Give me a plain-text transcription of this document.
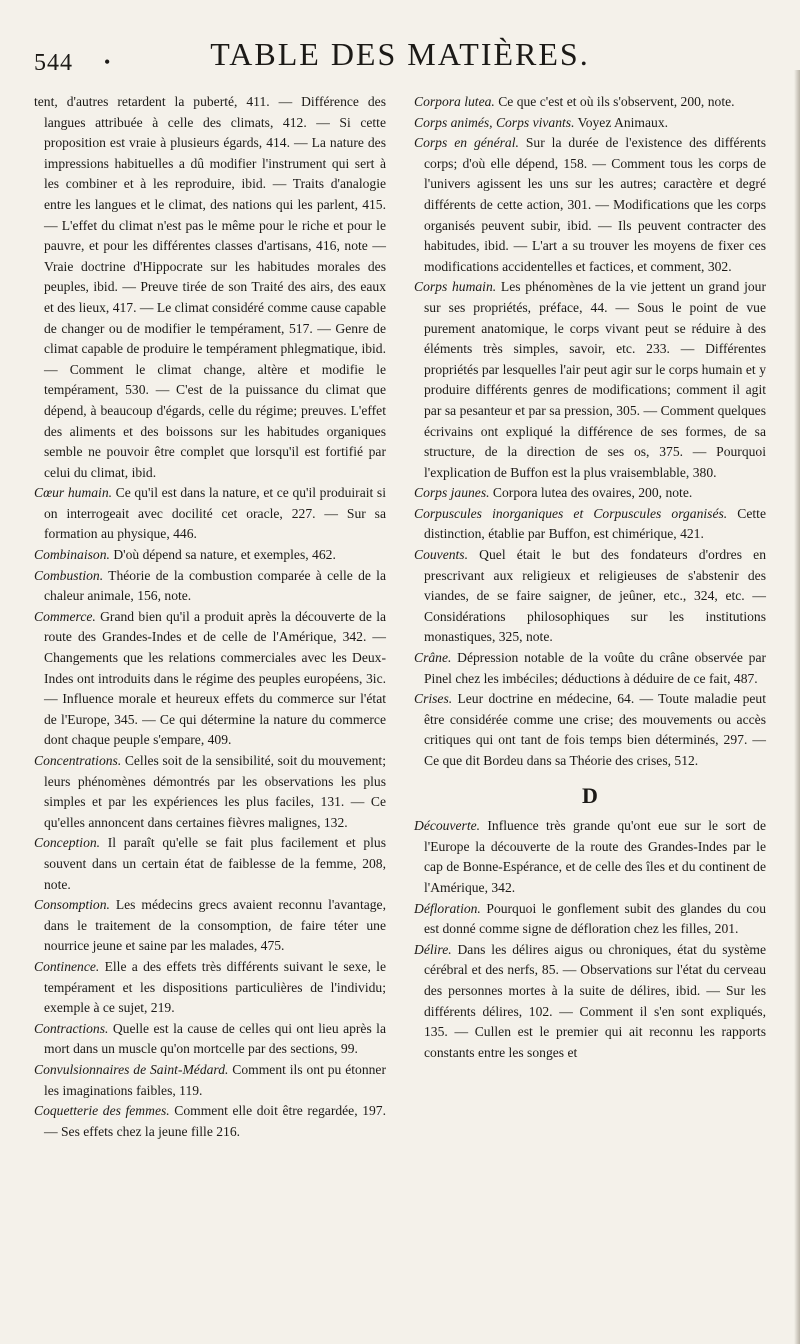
544 •	TABLE DES MATIÈRES.

tent, d'autres retardent la puberté, 411. — Différence des langues attribuée à celle des climats, 412. — Si cette proposition est vraie à plusieurs égards, 414. — La nature des impressions habituelles a dû modifier l'instrument qui sert à les combiner et à les reproduire, ibid. — Traits d'analogie entre les langues et le climat, des nations qui les parlent, 415. — L'effet du climat n'est pas le même pour le riche et pour le pauvre, et pour les différentes classes d'artisans, 416, note — Vraie doctrine d'Hippocrate sur les habitudes morales des peuples, ibid. — Preuve tirée de son Traité des airs, des eaux et des lieux, 417. — Le climat considéré comme cause capable de changer ou de modifier le tempérament, 517. — Genre de climat capable de produire le tempérament phlegmatique, ibid. — Comment le climat change, altère et modifie le tempérament, 530. — C'est de la puissance du climat que dépend, à beaucoup d'égards, celle du régime; preuves. L'effet des aliments et des boissons sur les habitudes organiques semble ne pouvoir être complet que lorsqu'il est fortifié par celui du climat, ibid.

Cœur humain. Ce qu'il est dans la nature, et ce qu'il produirait si on interrogeait avec docilité cet oracle, 227. — Sur sa formation au physique, 446.

Combinaison. D'où dépend sa nature, et exemples, 462.

Combustion. Théorie de la combustion comparée à celle de la chaleur animale, 156, note.

Commerce. Grand bien qu'il a produit après la découverte de la route des Grandes-Indes et de celle de l'Amérique, 342. — Changements que les relations commerciales avec les Deux-Indes ont introduits dans le régime des peuples européens, 3ic. — Influence morale et heureux effets du commerce sur l'état de l'Europe, 345. — Ce qui détermine la nature du commerce dont chaque peuple s'empare, 409.

Concentrations. Celles soit de la sensibilité, soit du mouvement; leurs phénomènes démontrés par les observations les plus simples et par les expériences les plus faciles, 131. — Ce qu'elles annoncent dans certaines fièvres malignes, 132.

Conception. Il paraît qu'elle se fait plus facilement et plus souvent dans un certain état de faiblesse de la femme, 208, note.

Consomption. Les médecins grecs avaient reconnu l'avantage, dans le traitement de la consomption, de faire téter une nourrice jeune et saine par les malades, 475.

Continence. Elle a des effets très différents suivant le sexe, le tempérament et les dispositions particulières de l'individu; exemple à ce sujet, 219.

Contractions. Quelle est la cause de celles qui ont lieu après la mort dans un muscle qu'on mortcelle par des sections, 99.

Convulsionnaires de Saint-Médard. Comment ils ont pu étonner les imaginations faibles, 119.

Coquetterie des femmes. Comment elle doit être regardée, 197. — Ses effets chez la jeune fille 216.

Corpora lutea. Ce que c'est et où ils s'observent, 200, note.

Corps animés, Corps vivants. Voyez Animaux.

Corps en général. Sur la durée de l'existence des différents corps; d'où elle dépend, 158. — Comment tous les corps de l'univers agissent les uns sur les autres; caractère et degré différents de cette action, 301. — Modifications que les corps organisés peuvent subir, ibid. — Ils peuvent contracter des habitudes, ibid. — L'art a su trouver les moyens de fixer ces modifications accidentelles et factices, et comment, 302.

Corps humain. Les phénomènes de la vie jettent un grand jour sur ses propriétés, préface, 44. — Sous le point de vue purement anatomique, le corps vivant peut se réduire à des éléments très simples, savoir, etc. 233. — Différentes propriétés par lesquelles l'air peut agir sur le corps humain et y produire différents genres de modifications; comment il agit par sa pesanteur et par sa pression, 305. — Comment quelques écrivains ont expliqué la différence de ses formes, de sa structure, de la direction de ses os, 375. — Pourquoi l'explication de Buffon est la plus vraisemblable, 380.

Corps jaunes. Corpora lutea des ovaires, 200, note.

Corpuscules inorganiques et Corpuscules organisés. Cette distinction, établie par Buffon, est chimérique, 421.

Couvents. Quel était le but des fondateurs d'ordres en prescrivant aux religieux et religieuses de s'abstenir des viandes, de se faire saigner, de jeûner, etc., 324, etc. — Considérations philosophiques sur les institutions monastiques, 325, note.

Crâne. Dépression notable de la voûte du crâne observée par Pinel chez les imbéciles; déductions à déduire de ce fait, 487.

Crises. Leur doctrine en médecine, 64. — Toute maladie peut être considérée comme une crise; des mouvements ou accès critiques qui ont tant de fois temps bien déterminés, 297. — Ce que dit Bordeu dans sa Théorie des crises, 512.

D

Découverte. Influence très grande qu'ont eue sur le sort de l'Europe la découverte de la route des Grandes-Indes par le cap de Bonne-Espérance, et de celle des îles et du continent de l'Amérique, 342.

Défloration. Pourquoi le gonflement subit des glandes du cou est donné comme signe de défloration chez les filles, 201.

Délire. Dans les délires aigus ou chroniques, état du système cérébral et des nerfs, 85. — Observations sur l'état du cerveau des personnes mortes à la suite de délires, ibid. — Sur les différents délires, 102. — Comment il s'en sont expliqués, 135. — Cullen est le premier qui ait reconnu les rapports constants entre les songes et
